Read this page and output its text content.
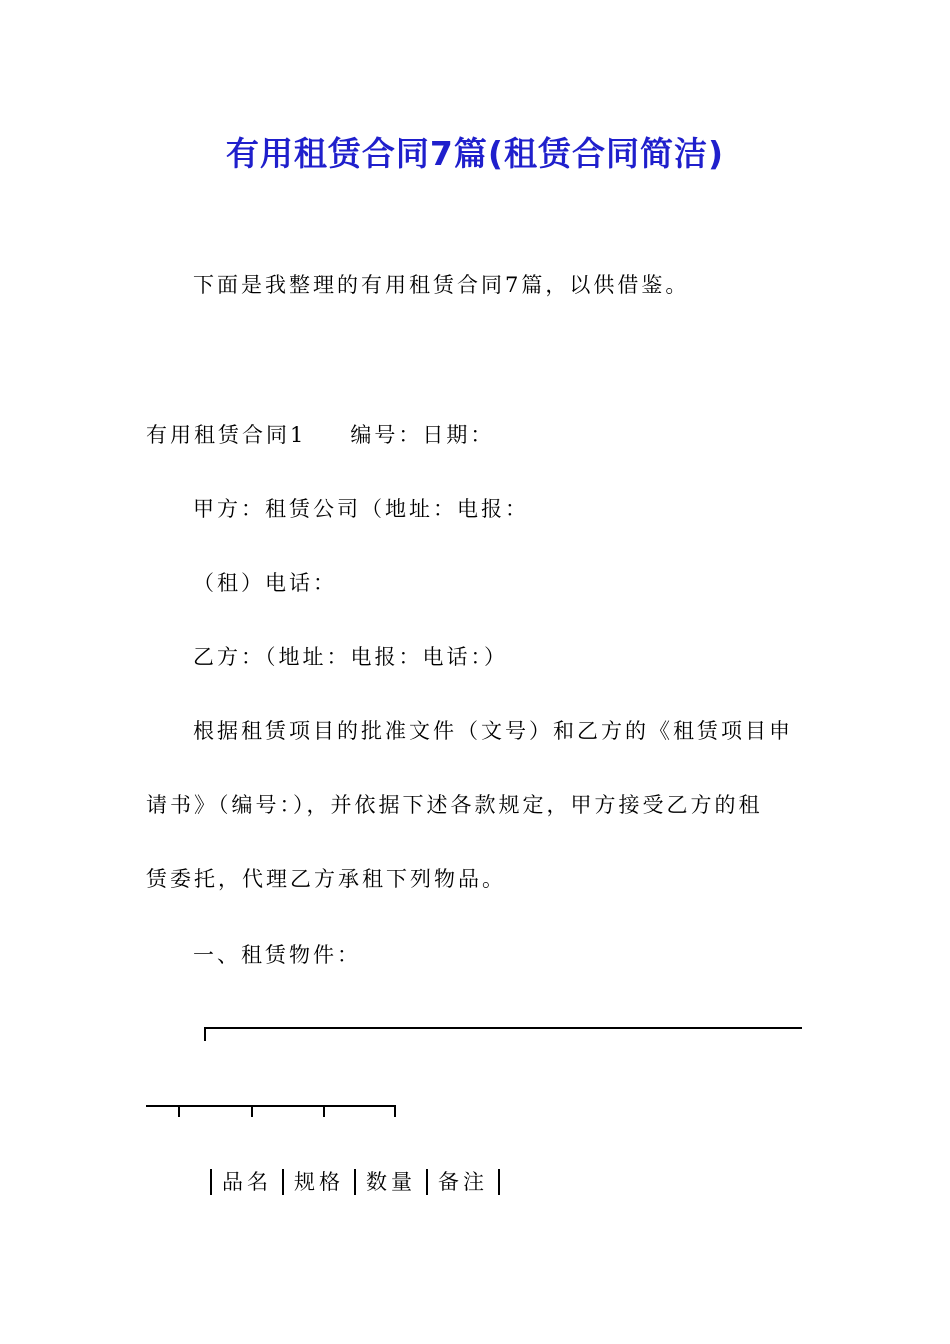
有用租赁合同7篇(租赁合同简洁)
下面是我整理的有用租赁合同7篇，以供借鉴。
有用租赁合同1 编号：日期：
甲方：租赁公司（地址：电报：
（租）电话：
乙方：（地址：电报：电话：）
根据租赁项目的批准文件（文号）和乙方的《租赁项目申
请书》（编号：），并依据下述各款规定，甲方接受乙方的租
赁委托，代理乙方承租下列物品。
一、租赁物件：
品名 规格 数量 备注
